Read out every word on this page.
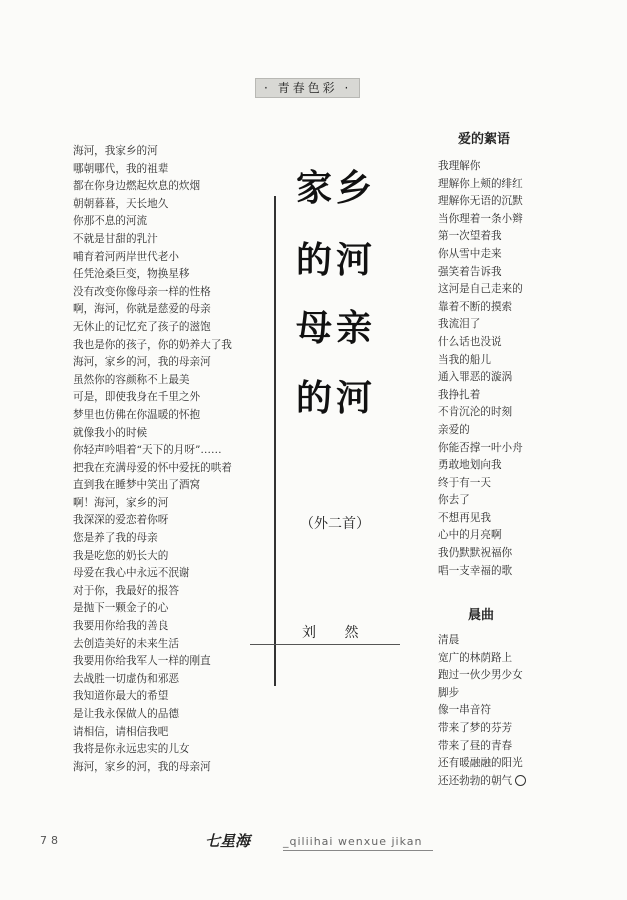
· 青春色彩 ·
爱的絮语
家乡
的河
母亲
的河
（外二首）
刘 然
海河，我家乡的河
哪朝哪代，我的祖辈
都在你身边燃起炊息的炊烟
朝朝暮暮，天长地久
你那不息的河流
不就是甘甜的乳汁
哺育着河两岸世代老小
任凭沧桑巨变，物换星移
没有改变你像母亲一样的性格
啊，海河，你就是慈爱的母亲
无休止的记忆充了孩子的滋饱
我也是你的孩子，你的奶养大了我
海河，家乡的河，我的母亲河
虽然你的容颜称不上最美
可是，即使我身在千里之外
梦里也仿佛在你温暖的怀抱
就像我小的时候
你轻声吟唱着“天下的月呀”……
把我在充满母爱的怀中爱抚的哄着
直到我在睡梦中笑出了酒窝
啊！海河，家乡的河
我深深的爱恋着你呀
您是养了我的母亲
我是吃您的奶长大的
母爱在我心中永远不泯谢
对于你，我最好的报答
是抛下一颗金子的心
我要用你给我的善良
去创造美好的未来生活
我要用你给我军人一样的刚直
去战胜一切虚伪和邪恶
我知道你最大的希望
是让我永保做人的品德
请相信，请相信我吧
我将是你永远忠实的儿女
海河，家乡的河，我的母亲河
我理解你
理解你上颊的绯红
理解你无语的沉默
当你理着一条小辫
第一次望着我
你从雪中走来
强笑着告诉我
这河是自己走来的
靠着不断的摸索
我流泪了
什么话也没说
当我的船儿
通入罪恶的漩涡
我挣扎着
不肯沉沦的时刻
亲爱的
你能否撑一叶小舟
勇敢地划向我
终于有一天
你去了
不想再见我
心中的月亮啊
我仍默默祝福你
唱一支幸福的歌
晨曲
清晨
宽广的林荫路上
跑过一伙少男少女
脚步
像一串音符
带来了梦的芬芳
带来了昼的青春
还有暖融融的阳光
还还勃勃的朝气
78	七星海	_qiliihai wenxue jikan
